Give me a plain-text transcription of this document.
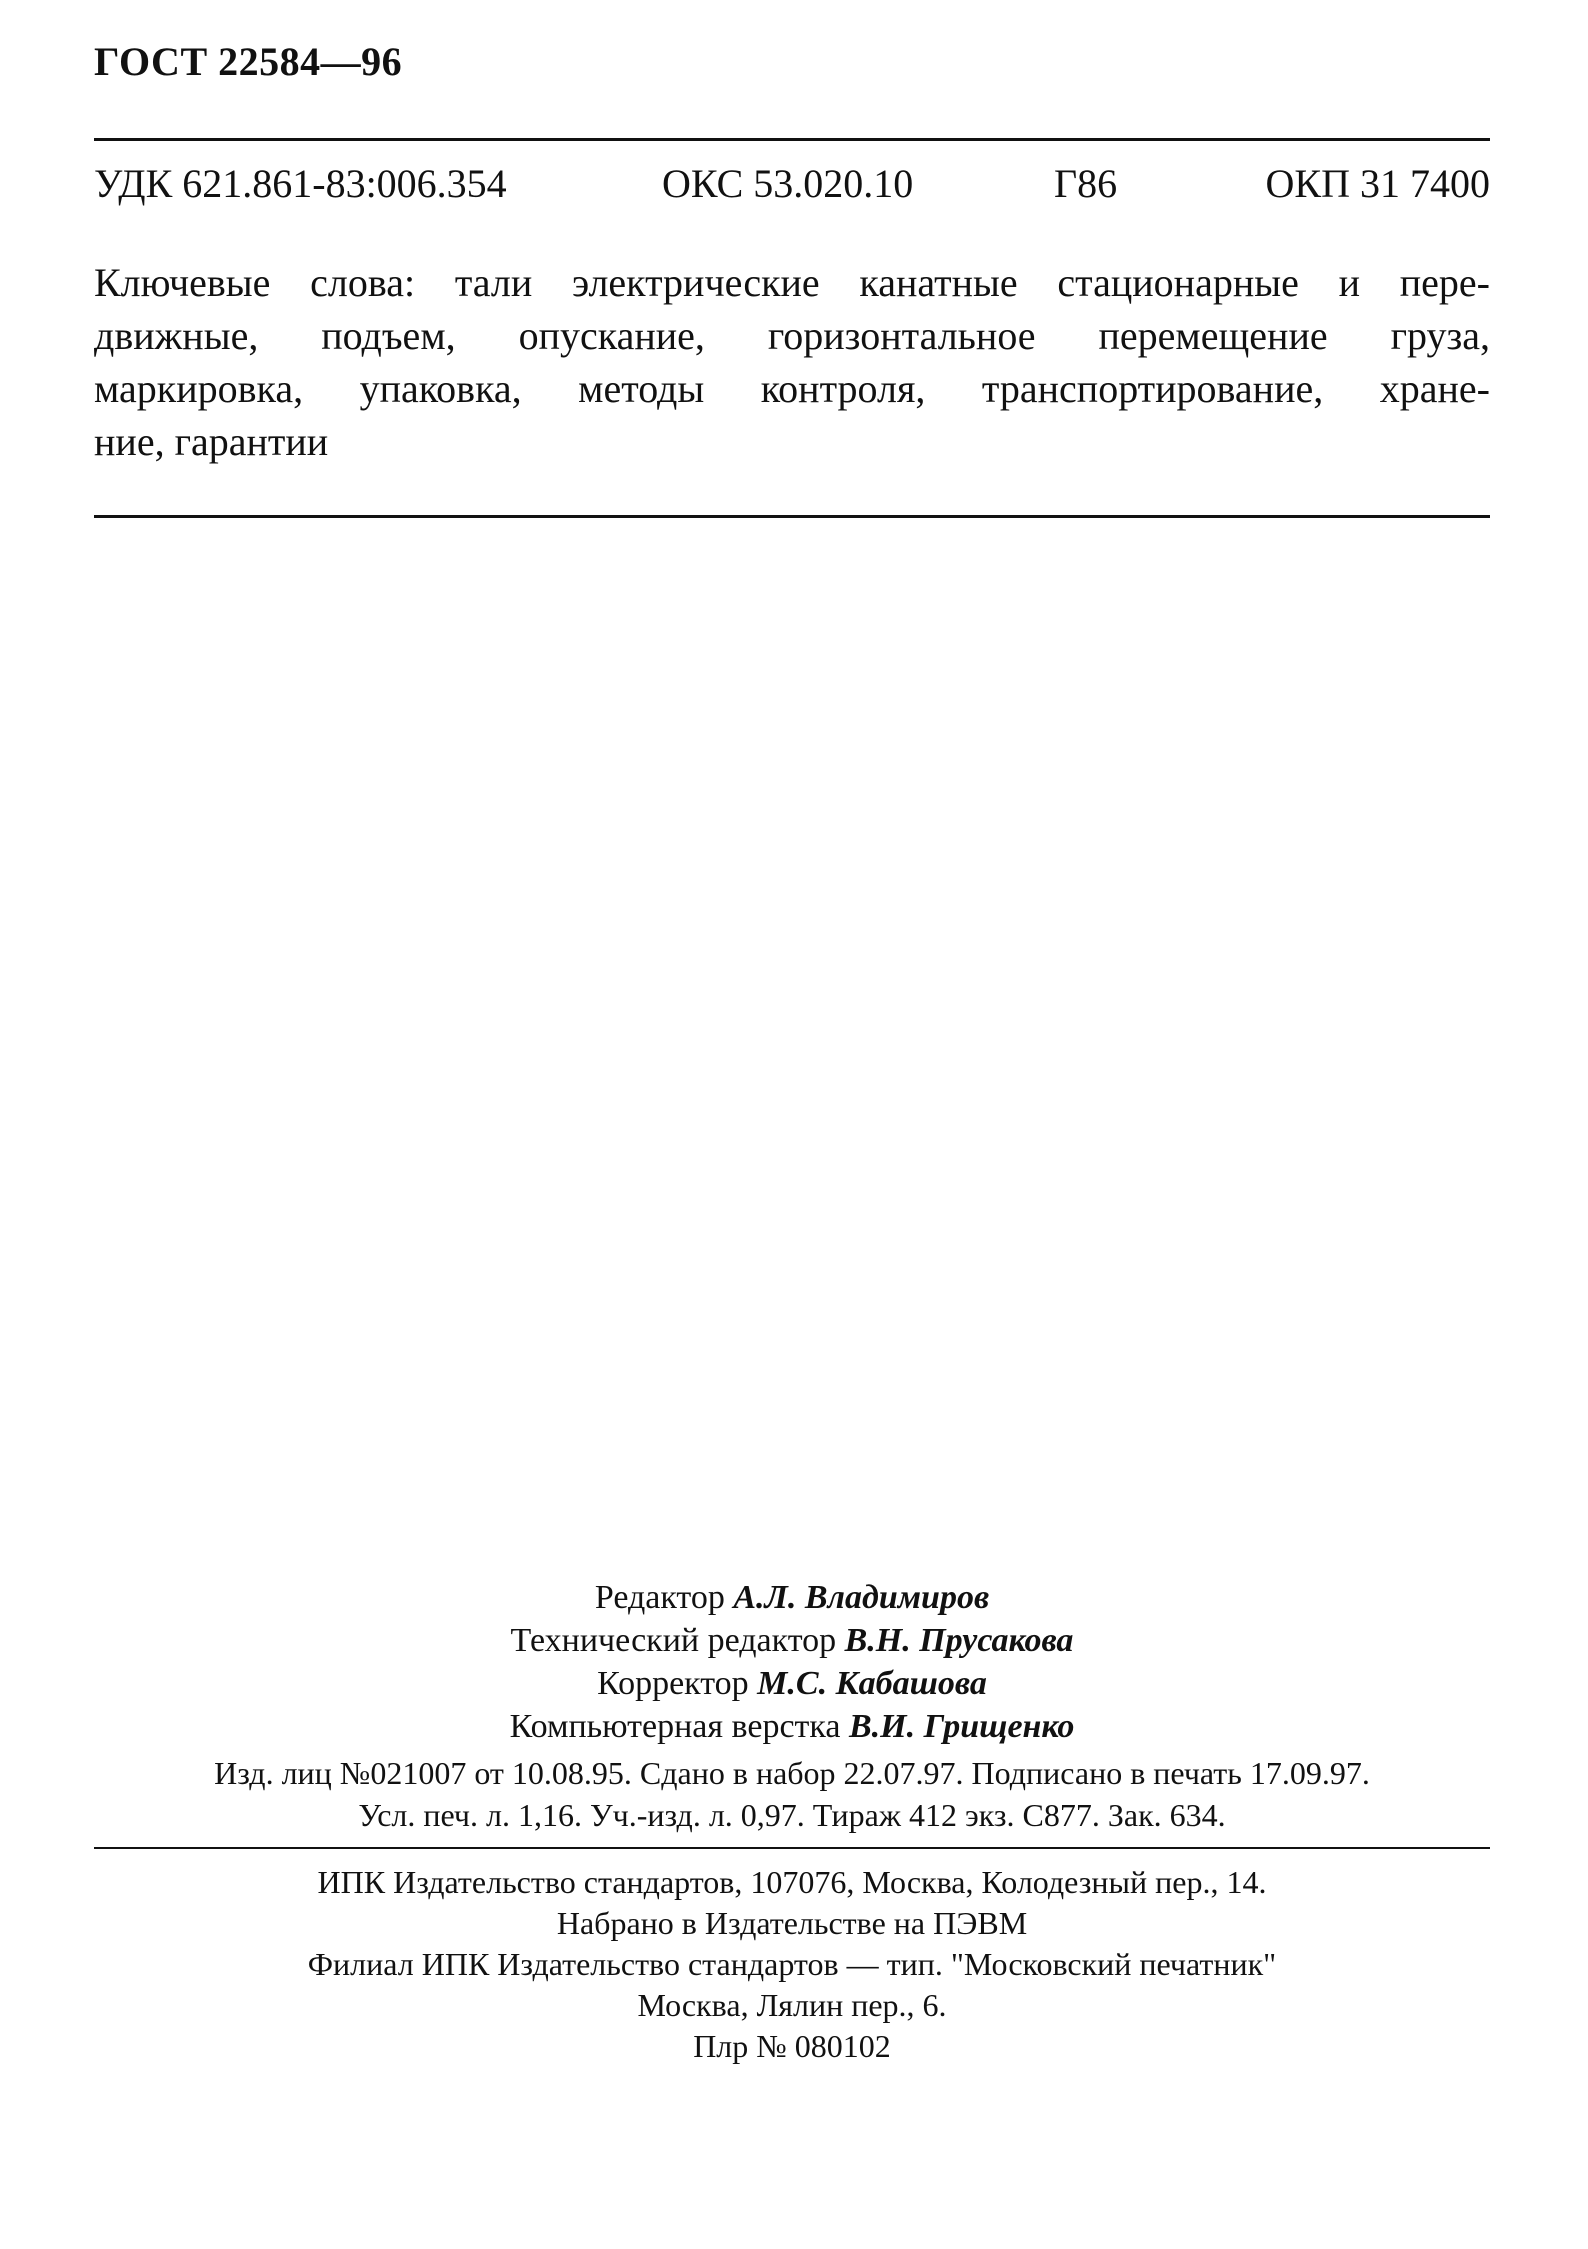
ГОСТ 22584—96
УДК 621.861-83:006.354	ОКС 53.020.10	Г86	ОКП 31 7400
Ключевые слова: тали электрические канатные стационарные и пере-
движные, подъем, опускание, горизонтальное перемещение груза,
маркировка, упаковка, методы контроля, транспортирование, хране-
ние, гарантии
Редактор А.Л. Владимиров
Технический редактор В.Н. Прусакова
Корректор М.С. Кабашова
Компьютерная верстка В.И. Грищенко
Изд. лиц №021007 от 10.08.95. Сдано в набор 22.07.97. Подписано в печать 17.09.97.
Усл. печ. л. 1,16. Уч.-изд. л. 0,97. Тираж 412 экз. С877. Зак. 634.
ИПК Издательство стандартов, 107076, Москва, Колодезный пер., 14.
Набрано в Издательстве на ПЭВМ
Филиал ИПК Издательство стандартов — тип. "Московский печатник"
Москва, Лялин пер., 6.
Плр № 080102
